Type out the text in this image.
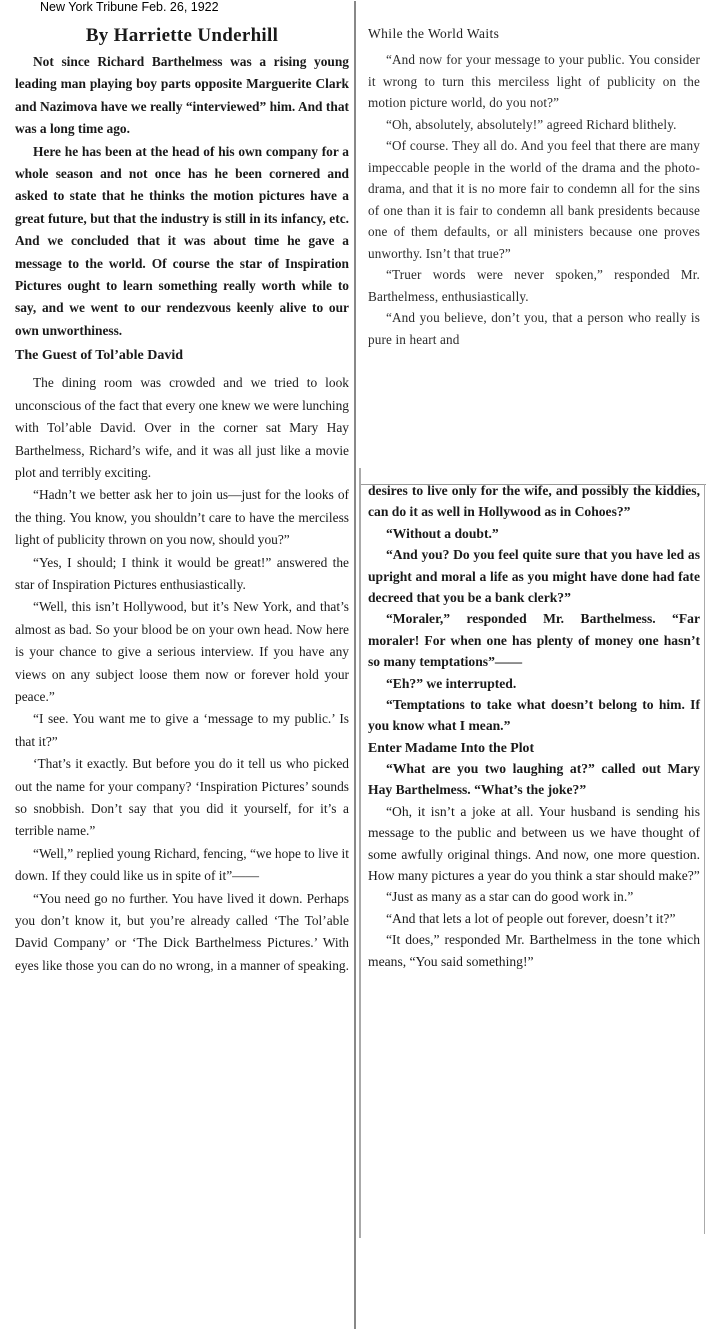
New York Tribune Feb. 26, 1922
By Harriette Underhill

Not since Richard Barthelmess was a rising young leading man playing boy parts opposite Marguerite Clark and Nazimova have we really “interviewed” him. And that was a long time ago.

Here he has been at the head of his own company for a whole season and not once has he been cornered and asked to state that he thinks the motion pictures have a great future, but that the industry is still in its infancy, etc. And we concluded that it was about time he gave a message to the world. Of course the star of Inspiration Pictures ought to learn something really worth while to say, and we went to our rendezvous keenly alive to our own unworthiness.

The Guest of Tol’able David

The dining room was crowded and we tried to look unconscious of the fact that every one knew we were lunching with Tol’able David. Over in the corner sat Mary Hay Barthelmess, Richard’s wife, and it was all just like a movie plot and terribly exciting.

“Hadn’t we better ask her to join us—just for the looks of the thing. You know, you shouldn’t care to have the merciless light of publicity thrown on you now, should you?”

“Yes, I should; I think it would be great!” answered the star of Inspiration Pictures enthusiastically.

“Well, this isn’t Hollywood, but it’s New York, and that’s almost as bad. So your blood be on your own head. Now here is your chance to give a serious interview. If you have any views on any subject loose them now or forever hold your peace.”

“I see. You want me to give a ‘message to my public.’ Is that it?”

‘That’s it exactly. But before you do it tell us who picked out the name for your company? ‘Inspiration Pictures’ sounds so snobbish. Don’t say that you did it yourself, for it’s a terrible name.”

“Well,” replied young Richard, fencing, “we hope to live it down. If they could like us in spite of it”——

“You need go no further. You have lived it down. Perhaps you don’t know it, but you’re already called ‘The Tol’able David Company’ or ‘The Dick Barthelmess Pictures.’ With eyes like those you can do no wrong, in a manner of speaking.

While the World Waits

“And now for your message to your public. You consider it wrong to turn this merciless light of publicity on the motion picture world, do you not?”

“Oh, absolutely, absolutely!” agreed Richard blithely.

“Of course. They all do. And you feel that there are many impeccable people in the world of the drama and the photo-drama, and that it is no more fair to condemn all for the sins of one than it is fair to condemn all bank presidents because one of them defaults, or all ministers because one proves unworthy. Isn’t that true?”

“Truer words were never spoken,” responded Mr. Barthelmess, enthusiastically.

“And you believe, don’t you, that a person who really is pure in heart and

desires to live only for the wife, and possibly the kiddies, can do it as well in Hollywood as in Cohoes?”

“Without a doubt.”

“And you? Do you feel quite sure that you have led as upright and moral a life as you might have done had fate decreed that you be a bank clerk?”

“Moraler,” responded Mr. Barthelmess. “Far moraler! For when one has plenty of money one hasn’t so many temptations”——

“Eh?” we interrupted.

“Temptations to take what doesn’t belong to him. If you know what I mean.”

Enter Madame Into the Plot

“What are you two laughing at?” called out Mary Hay Barthelmess. “What’s the joke?”

“Oh, it isn’t a joke at all. Your husband is sending his message to the public and between us we have thought of some awfully original things. And now, one more question. How many pictures a year do you think a star should make?”

“Just as many as a star can do good work in.”

“And that lets a lot of people out forever, doesn’t it?”

“It does,” responded Mr. Barthelmess in the tone which means, “You said something!”
